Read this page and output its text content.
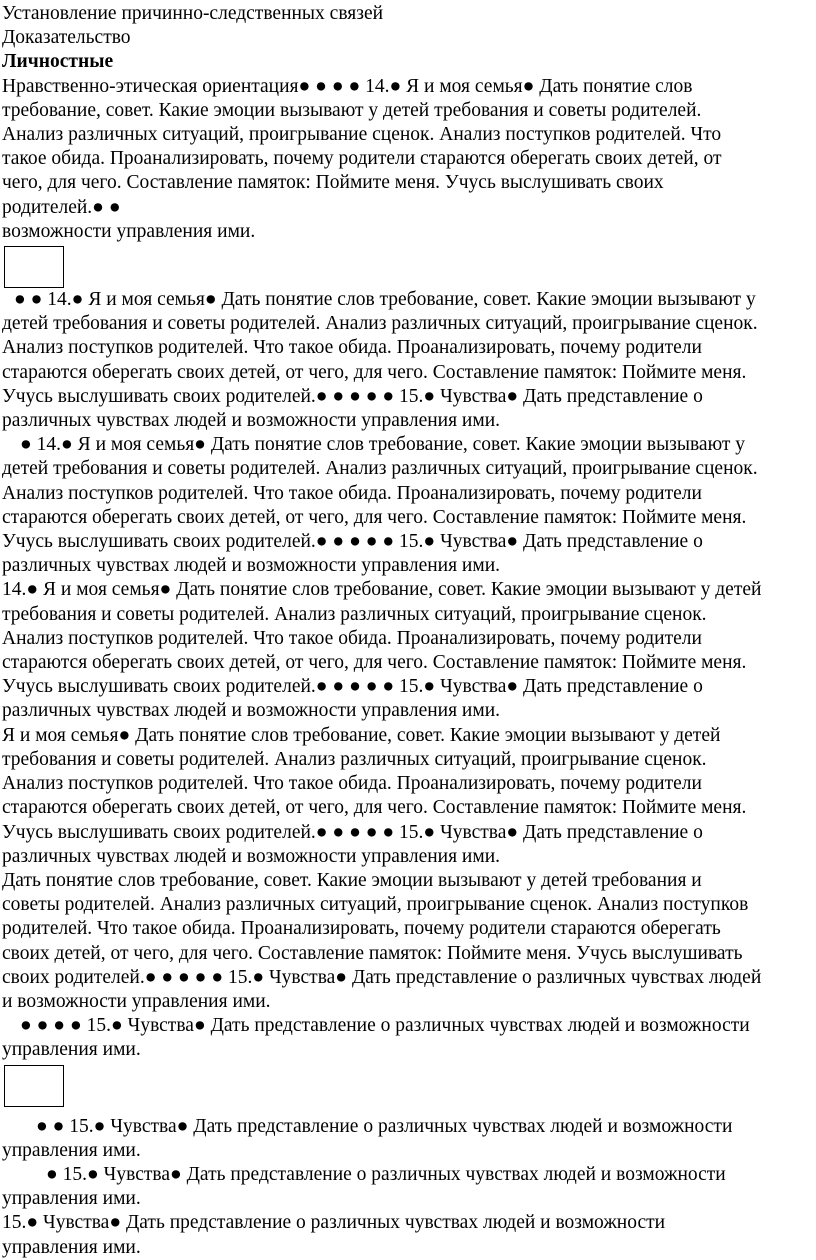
Установление причинно-следственных связей
Доказательство
Личностные
Нравственно-этическая ориентация● ● ● ● 14.● Я и моя семья● Дать понятие слов
требование, совет. Какие эмоции вызывают у детей требования и советы родителей.
Анализ различных ситуаций, проигрывание сценок. Анализ поступков родителей. Что
такое обида. Проанализировать, почему родители стараются оберегать своих детей, от
чего, для чего. Составление памяток: Поймите меня. Учусь выслушивать своих
родителей.● ●
возможности управления ими.
● ● 14.● Я и моя семья● Дать понятие слов требование, совет. Какие эмоции вызывают у
детей требования и советы родителей. Анализ различных ситуаций, проигрывание сценок.
Анализ поступков родителей. Что такое обида. Проанализировать, почему родители
стараются оберегать своих детей, от чего, для чего. Составление памяток: Поймите меня.
Учусь выслушивать своих родителей.● ● ● ● ● 15.● Чувства● Дать представление о
различных чувствах людей и возможности управления ими.
● 14.● Я и моя семья● Дать понятие слов требование, совет. Какие эмоции вызывают у
детей требования и советы родителей. Анализ различных ситуаций, проигрывание сценок.
Анализ поступков родителей. Что такое обида. Проанализировать, почему родители
стараются оберегать своих детей, от чего, для чего. Составление памяток: Поймите меня.
Учусь выслушивать своих родителей.● ● ● ● ● 15.● Чувства● Дать представление о
различных чувствах людей и возможности управления ими.
14.● Я и моя семья● Дать понятие слов требование, совет. Какие эмоции вызывают у детей
требования и советы родителей. Анализ различных ситуаций, проигрывание сценок.
Анализ поступков родителей. Что такое обида. Проанализировать, почему родители
стараются оберегать своих детей, от чего, для чего. Составление памяток: Поймите меня.
Учусь выслушивать своих родителей.● ● ● ● ● 15.● Чувства● Дать представление о
различных чувствах людей и возможности управления ими.
Я и моя семья● Дать понятие слов требование, совет. Какие эмоции вызывают у детей
требования и советы родителей. Анализ различных ситуаций, проигрывание сценок.
Анализ поступков родителей. Что такое обида. Проанализировать, почему родители
стараются оберегать своих детей, от чего, для чего. Составление памяток: Поймите меня.
Учусь выслушивать своих родителей.● ● ● ● ● 15.● Чувства● Дать представление о
различных чувствах людей и возможности управления ими.
Дать понятие слов требование, совет. Какие эмоции вызывают у детей требования и
советы родителей. Анализ различных ситуаций, проигрывание сценок. Анализ поступков
родителей. Что такое обида. Проанализировать, почему родители стараются оберегать
своих детей, от чего, для чего. Составление памяток: Поймите меня. Учусь выслушивать
своих родителей.● ● ● ● ● 15.● Чувства● Дать представление о различных чувствах людей
и возможности управления ими.
● ● ● ● 15.● Чувства● Дать представление о различных чувствах людей и возможности
управления ими.
● ● 15.● Чувства● Дать представление о различных чувствах людей и возможности
управления ими.
● 15.● Чувства● Дать представление о различных чувствах людей и возможности
управления ими.
15.● Чувства● Дать представление о различных чувствах людей и возможности
управления ими.
